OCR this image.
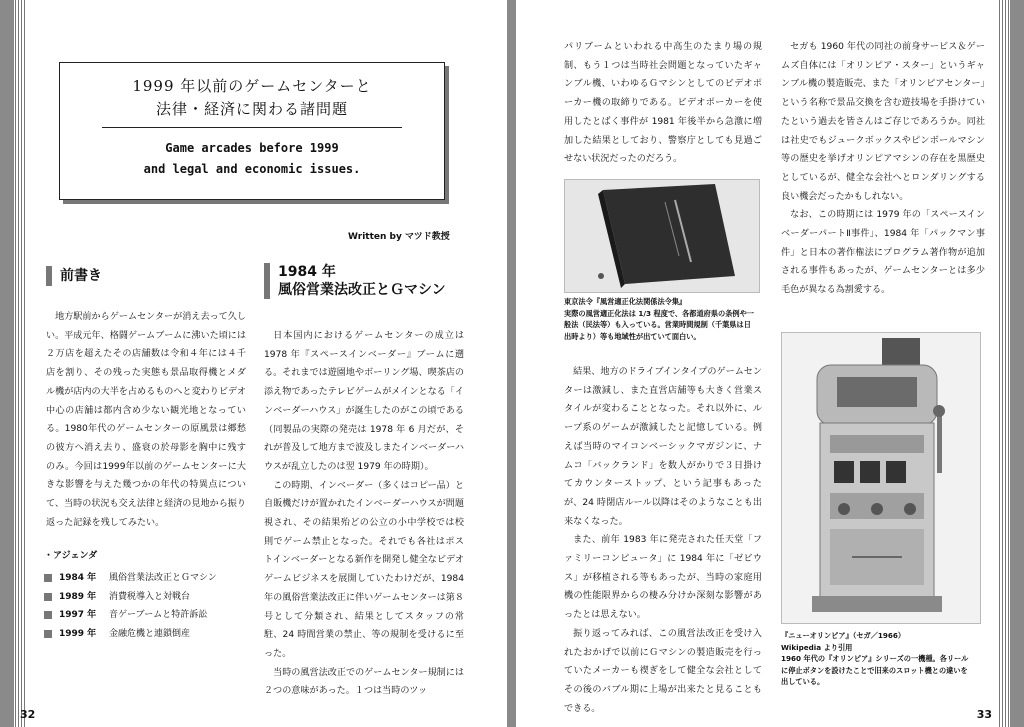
1999 年以前のゲームセンターと
法律・経済に関わる諸問題
Game arcades before 1999
and legal and economic issues.
Written by マツド教授
前書き

地方駅前からゲームセンターが消え去って久しい。平成元年、格闘ゲームブームに沸いた頃には２万店を超えたその店舗数は令和４年には４千店を割り、その残った実態も景品取得機とメダル機が店内の大半を占めるものへと変わりビデオ中心の店舗は都内含め少ない観光地となっている。1980年代のゲームセンターの原風景は郷愁の彼方へ消え去り、盛衰の於母影を胸中に残すのみ。今回は1999年以前のゲームセンターに大きな影響を与えた幾つかの年代の特異点について、当時の状況も交え法律と経済の見地から振り返った記録を残してみたい。

・アジェンダ
1984 年	風俗営業法改正とＧマシン
1989 年	消費税導入と対戦台
1997 年	音ゲーブームと特許訴訟
1999 年	金融危機と連鎖倒産
1984 年
風俗営業法改正とＧマシン

日本国内におけるゲームセンターの成立は 1978 年『スペースインベーダー』ブームに遡る。それまでは遊園地やボーリング場、喫茶店の添え物であったテレビゲームがメインとなる「インベーダーハウス」が誕生したのがこの頃である（同製品の実際の発売は 1978 年 6 月だが、それが普及して地方まで波及しまたインベーダーハウスが乱立したのは翌 1979 年の時期）。

この時期、インベーダー（多くはコピー品）と自販機だけが置かれたインベーダーハウスが問題視され、その結果殆どの公立の小中学校では校則でゲーム禁止となった。それでも各社はポストインベーダーとなる新作を開発し健全なビデオゲームビジネスを展開していたわけだが、1984 年の風俗営業法改正に伴いゲームセンターは第８号として分類され、結果としてスタッフの常駐、24 時間営業の禁止、等の規制を受けるに至った。

当時の風営法改正でのゲームセンター規制には２つの意味があった。１つは当時のツッ

32

パリブームといわれる中高生のたまり場の規制、もう１つは当時社会問題となっていたギャンブル機、いわゆるＧマシンとしてのビデオポーカー機の取締りである。ビデオポーカーを使用したとばく事件が 1981 年後半から急激に増加した結果としており、警察庁としても見過ごせない状況だったのだろう。

東京法令『風営適正化法関係法令集』
実際の風営適正化法は 1/3 程度で、各都道府県の条例や一
般法（民法等）も入っている。営業時間規制（千葉県は日
出時より）等も地域性が出ていて面白い。

結果、地方のドライブインタイプのゲームセンターは激減し、また直営店舗等も大きく営業スタイルが変わることとなった。それ以外に、ループ系のゲームが激減したと記憶している。例えば当時のマイコンベーシックマガジンに、ナムコ「バックランド」を数人がかりで３日掛けてカウンターストップ、という記事もあったが、24 時閉店ルール以降はそのようなことも出来なくなった。

また、前年 1983 年に発売された任天堂「ファミリーコンピュータ」に 1984 年に「ゼビウス」が移植される等もあったが、当時の家庭用機の性能限界からの棲み分けか深刻な影響があったとは思えない。

振り返ってみれば、この風営法改正を受け入れたおかげで以前にＧマシンの製造販売を行っていたメーカーも禊ぎをして健全な会社としてその後のバブル期に上場が出来たと見ることもできる。

セガも 1960 年代の同社の前身サービス＆ゲームズ自体には「オリンピア・スター」というギャンブル機の製造販売、また「オリンピアセンター」という名称で景品交換を含む遊技場を手掛けていたという過去を皆さんはご存じであろうか。同社は社史でもジュークボックスやピンボールマシン等の歴史を挙げオリンピアマシンの存在を黒歴史としているが、健全な会社へとロンダリングする良い機会だったかもしれない。

なお、この時期には 1979 年の「スペースインベーダーパートⅡ事件」、1984 年「パックマン事件」と日本の著作権法にプログラム著作物が追加される事件もあったが、ゲームセンターとは多少毛色が異なる為割愛する。

『ニューオリンピア』（セガ／1966）
Wikipedia より引用
1960 年代の『オリンピア』シリーズの一機種。各リール
に停止ボタンを設けたことで旧来のスロット機との違いを
出している。
33
